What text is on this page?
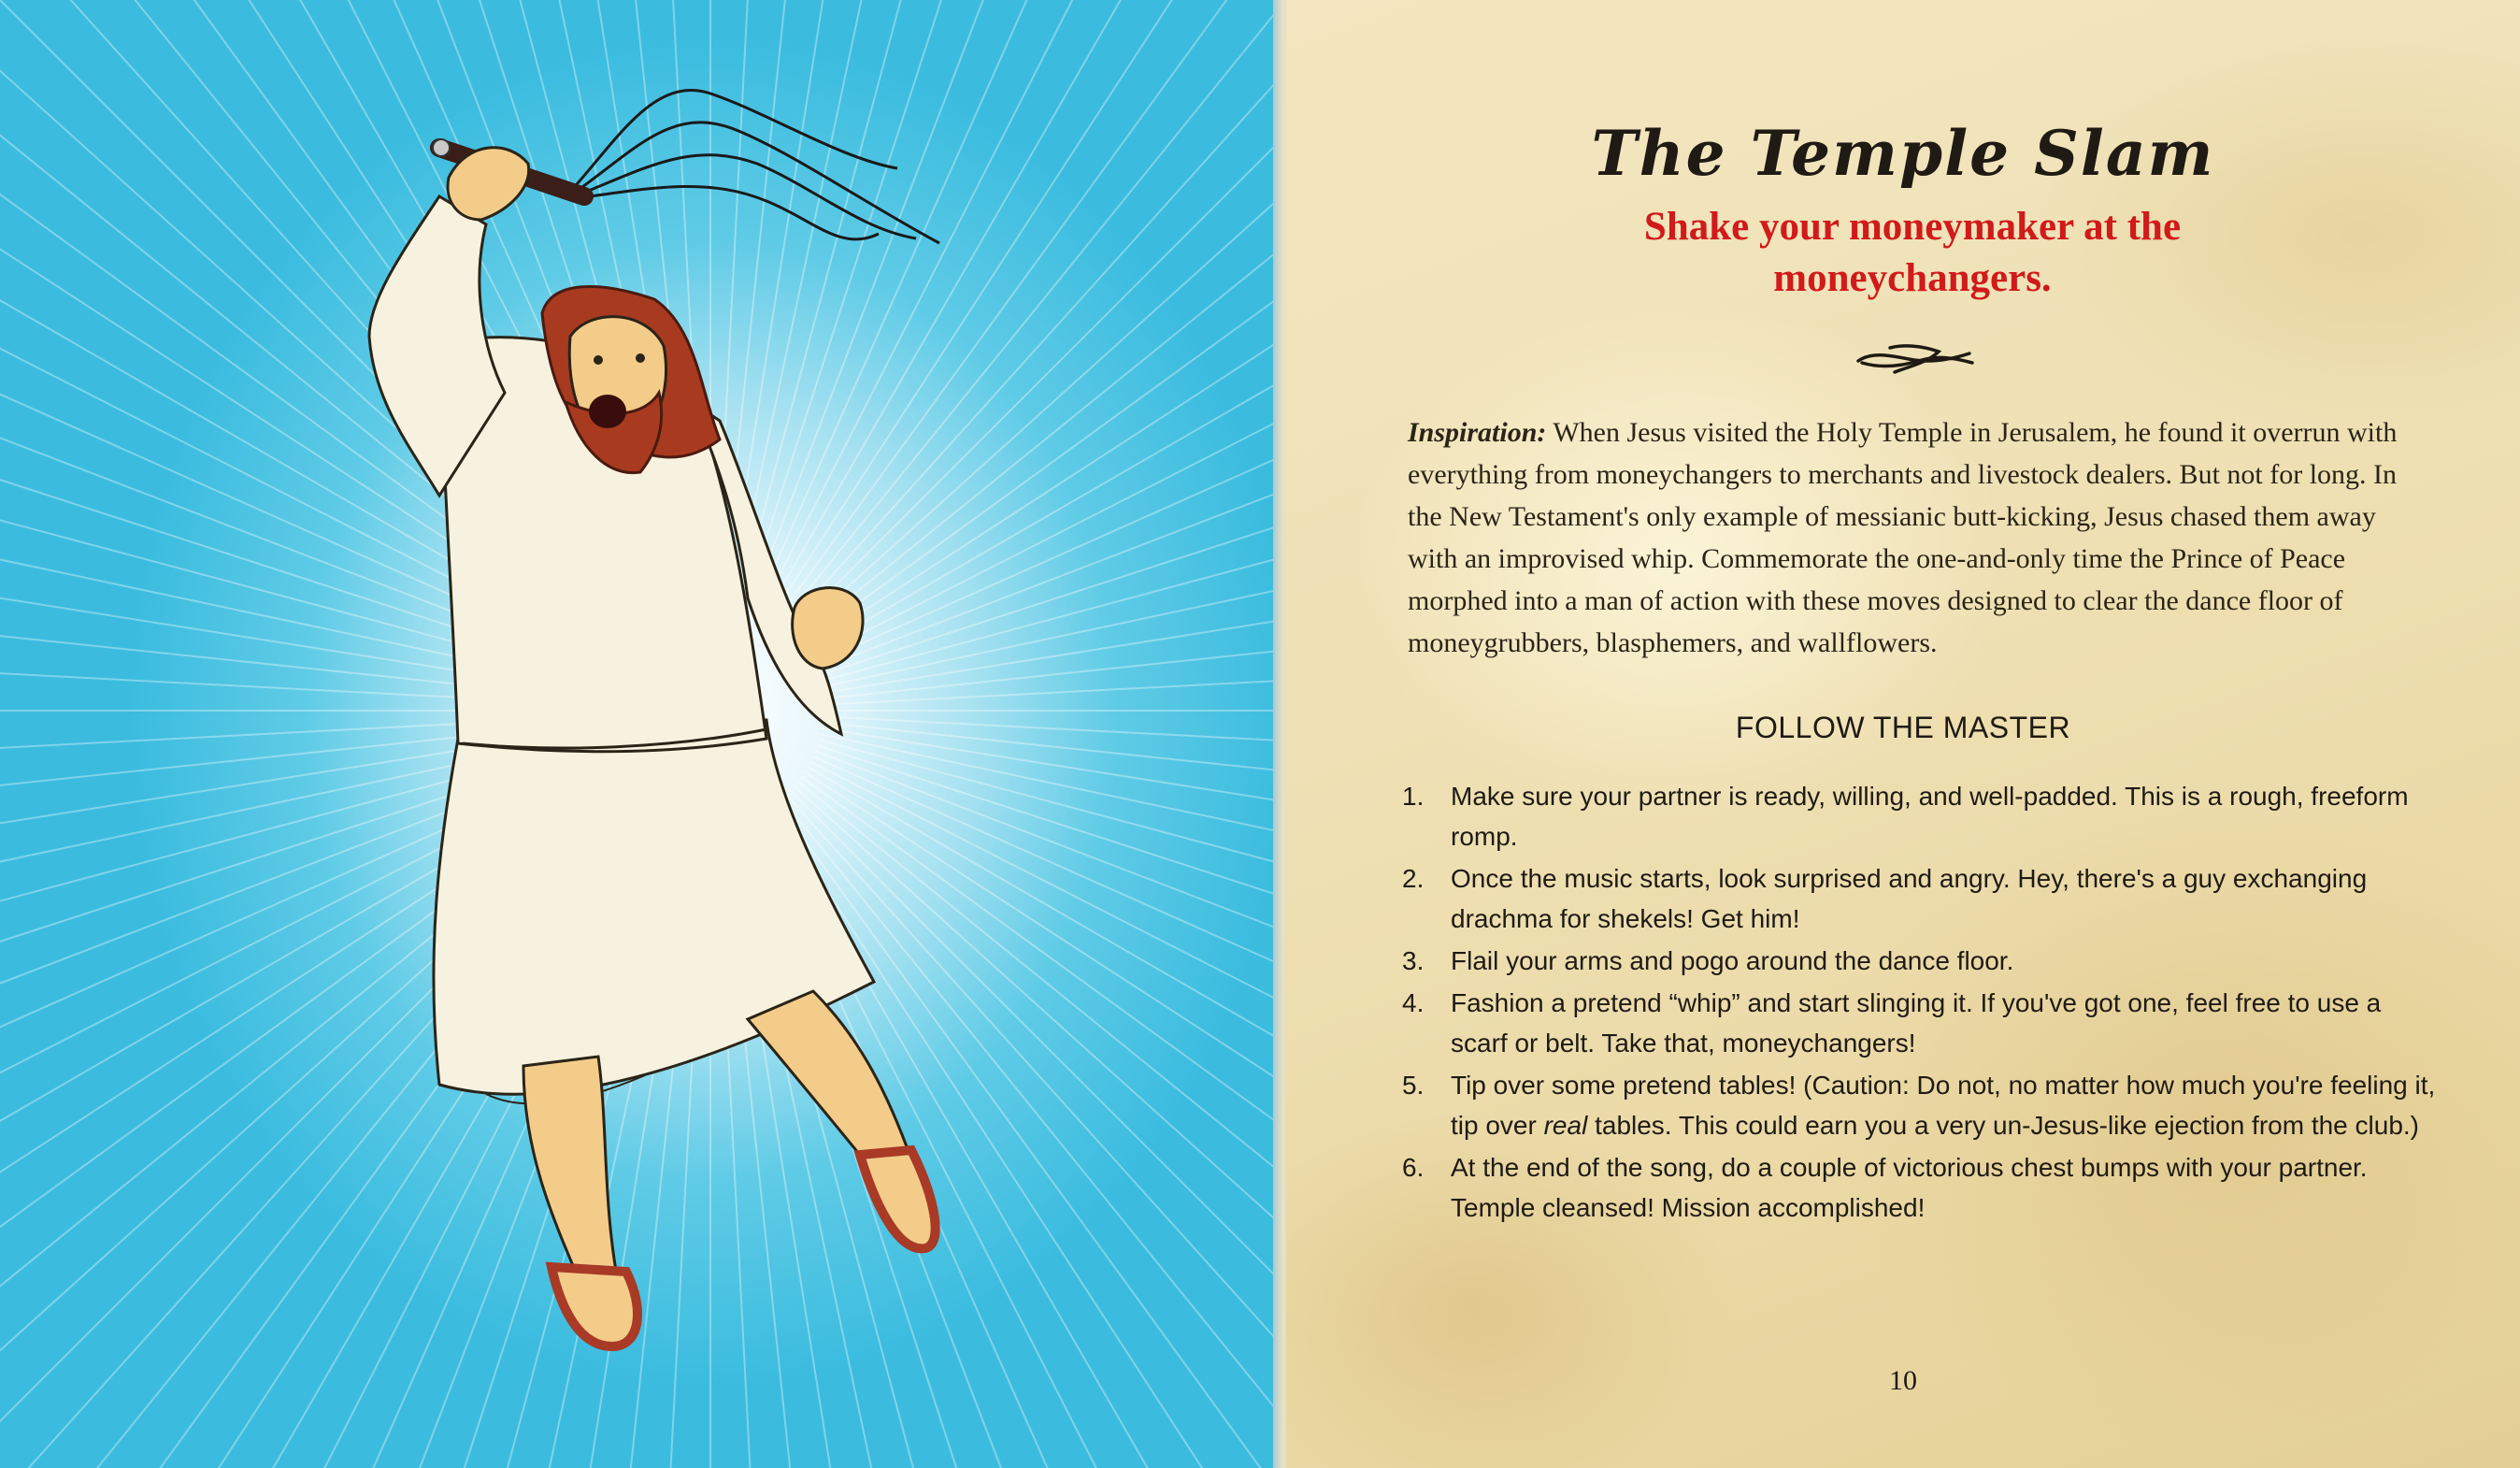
The Temple Slam
Shake your moneymaker at the moneychangers.
Inspiration: When Jesus visited the Holy Temple in Jerusalem, he found it overrun with everything from moneychangers to merchants and livestock dealers. But not for long. In the New Testament's only example of messianic butt-kicking, Jesus chased them away with an improvised whip. Commemorate the one-and-only time the Prince of Peace morphed into a man of action with these moves designed to clear the dance floor of moneygrubbers, blasphemers, and wallflowers.
FOLLOW THE MASTER
1. Make sure your partner is ready, willing, and well-padded. This is a rough, freeform romp.
2. Once the music starts, look surprised and angry. Hey, there's a guy exchanging drachma for shekels! Get him!
3. Flail your arms and pogo around the dance floor.
4. Fashion a pretend “whip” and start slinging it. If you've got one, feel free to use a scarf or belt. Take that, moneychangers!
5. Tip over some pretend tables! (Caution: Do not, no matter how much you're feeling it, tip over real tables. This could earn you a very un-Jesus-like ejection from the club.)
6. At the end of the song, do a couple of victorious chest bumps with your partner. Temple cleansed! Mission accomplished!
10
